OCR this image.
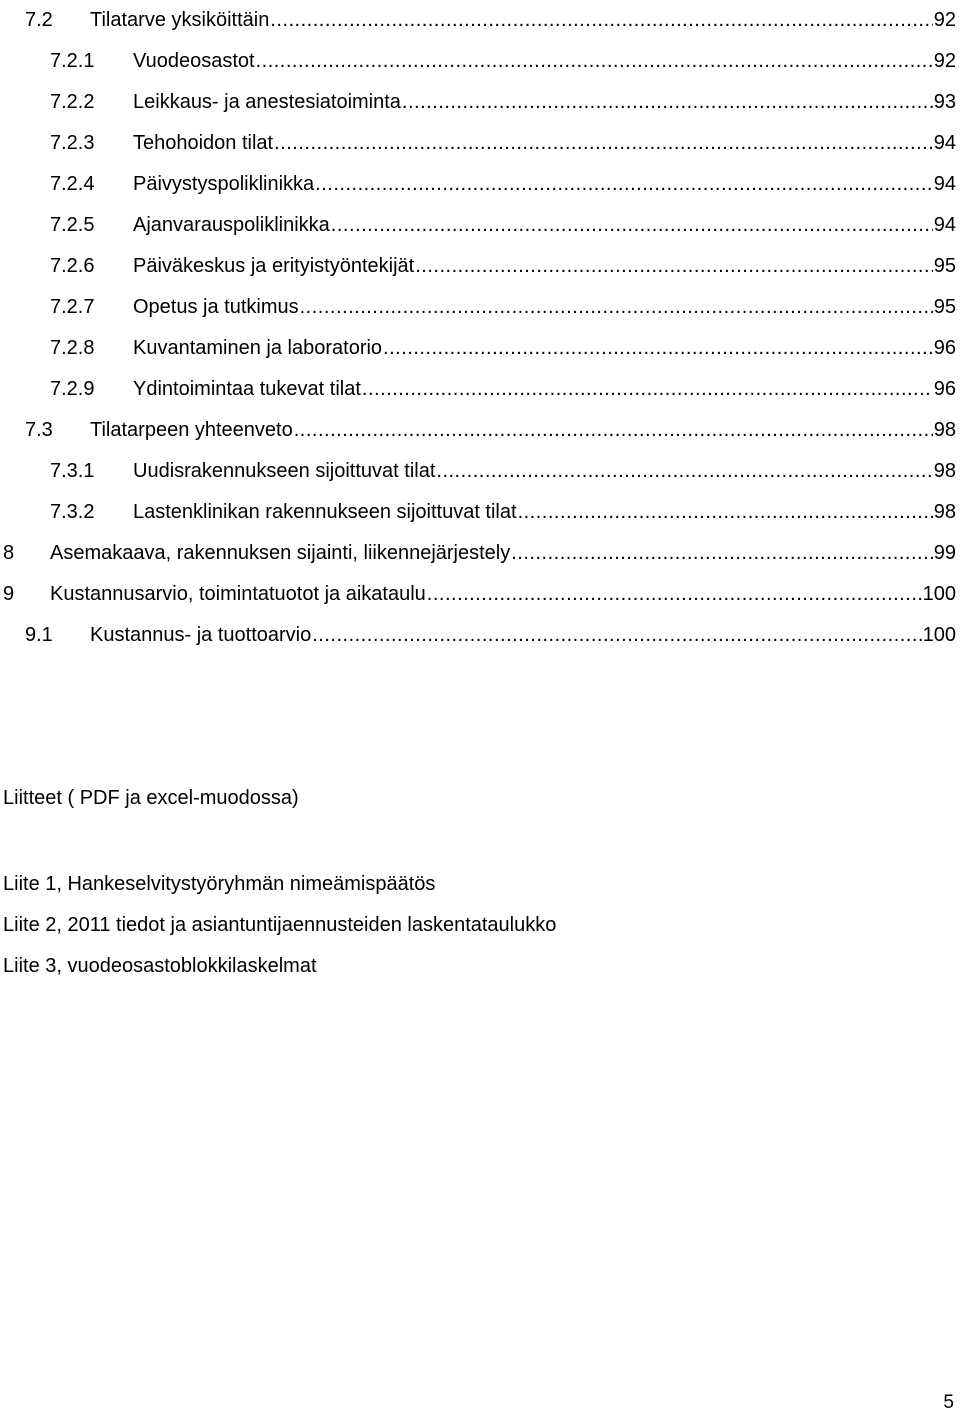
7.2	Tilatarve yksiköittäin .....	92
7.2.1	Vuodeosastot .....	92
7.2.2	Leikkaus- ja anestesiatoiminta .....	93
7.2.3	Tehohoidon tilat .....	94
7.2.4	Päivystyspoliklinikka .....	94
7.2.5	Ajanvarauspoliklinikka .....	94
7.2.6	Päiväkeskus ja erityistyöntekijät .....	95
7.2.7	Opetus ja tutkimus .....	95
7.2.8	Kuvantaminen ja laboratorio .....	96
7.2.9	Ydintoimintaa tukevat tilat .....	96
7.3	Tilatarpeen yhteenveto .....	98
7.3.1	Uudisrakennukseen sijoittuvat tilat .....	98
7.3.2	Lastenklinikan rakennukseen sijoittuvat tilat .....	98
8	Asemakaava, rakennuksen sijainti, liikennejärjestely .....	99
9	Kustannusarvio, toimintatuotot ja aikataulu .....	100
9.1	Kustannus- ja tuottoarvio .....	100
Liitteet ( PDF ja excel-muodossa)
Liite 1, Hankeselvitystyöryhmän nimeämispäätös
Liite 2, 2011 tiedot ja asiantuntijaennusteiden laskentataulukko
Liite 3, vuodeosastoblokkilaskelmat
5
